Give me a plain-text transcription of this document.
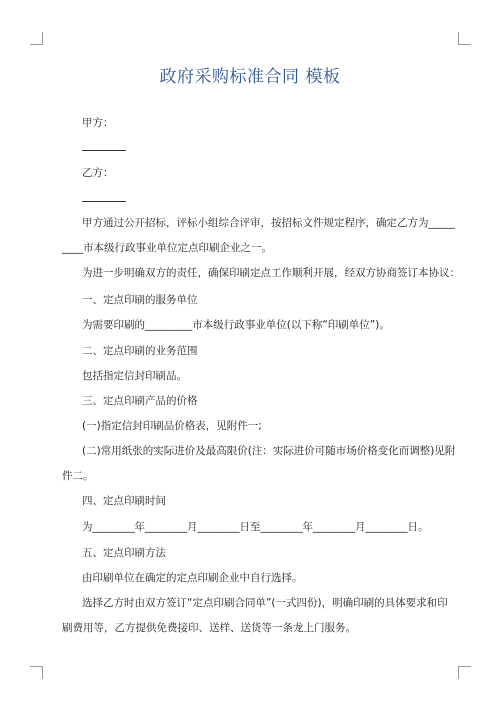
政府采购标准合同 模板
甲方：
乙方：
甲方通过公开招标，评标小组综合评审，按招标文件规定程序，确定乙方为_____
____市本级行政事业单位定点印刷企业之一。
为进一步明确双方的责任，确保印刷定点工作顺利开展，经双方协商签订本协议：
一、定点印刷的服务单位
为需要印刷的_________市本级行政事业单位(以下称“印刷单位”)。
二、定点印刷的业务范围
包括指定信封印刷品。
三、定点印刷产品的价格
(一)指定信封印刷品价格表，见附件一;
(二)常用纸张的实际进价及最高限价(注：实际进价可随市场价格变化而调整)见附
件二。
四、定点印刷时间
为________年________月________日至________年________月________日。
五、定点印刷方法
由印刷单位在确定的定点印刷企业中自行选择。
选择乙方时由双方签订“定点印刷合同单”(一式四份)，明确印刷的具体要求和印
刷费用等，乙方提供免费接印、送样、送货等一条龙上门服务。
